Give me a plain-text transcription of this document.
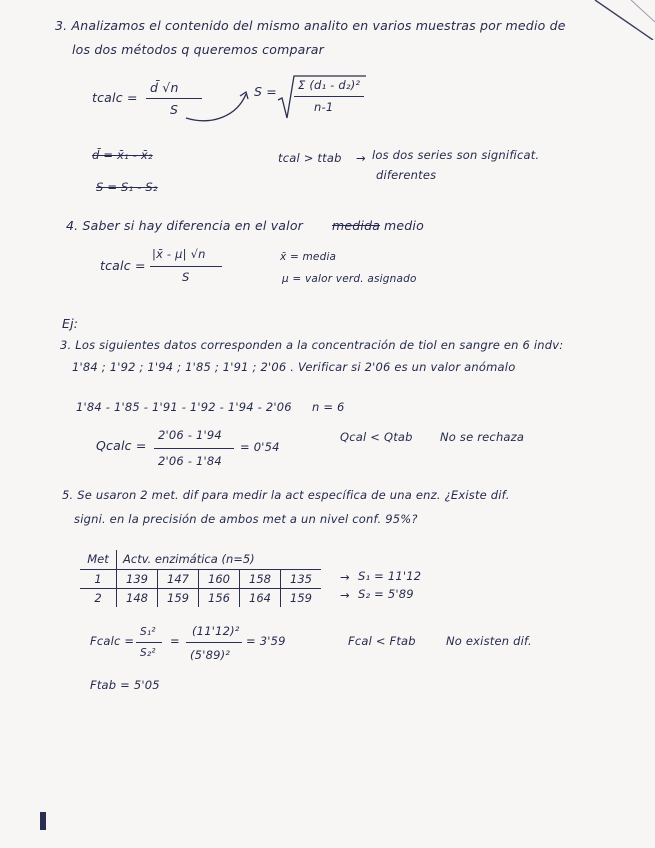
3. Analizamos el contenido del mismo analito en varios muestras por medio de
los dos métodos q queremos comparar
tcalc =
d̄ √n
S
S = Σ (d₁ - d₂)²
n-1
d̄ = x̄₁ - x̄₂
S = S₁ - S₂
tcal > ttab → los dos series son significat.
diferentes
4. Saber si hay diferencia en el valor medida medio
tcalc =
|x̄ - μ| √n
S
x̄ = media
μ = valor verd. asignado
Ej:
3. Los siguientes datos corresponden a la concentración de tiol en sangre en 6 indv:
1'84 ; 1'92 ; 1'94 ; 1'85 ; 1'91 ; 2'06 . Verificar si 2'06 es un valor anómalo
1'84 - 1'85 - 1'91 - 1'92 - 1'94 - 2'06 n = 6
Qcalc =
2'06 - 1'94
2'06 - 1'84
= 0'54
Qcal < Qtab No se rechaza
5. Se usaron 2 met. dif para medir la act específica de una enz. ¿Existe dif.
signi. en la precisión de ambos met a un nivel conf. 95%?
Met	Actv. enzimática (n=5)				
1	139	147	160	158	135
2	148	159	156	164	159
→ S₁ = 11'12
→ S₂ = 5'89
Fcalc =
S₁²
S₂²
=
(11'12)²
(5'89)²
= 3'59	Fcal < Ftab	No existen dif.
Ftab = 5'05
